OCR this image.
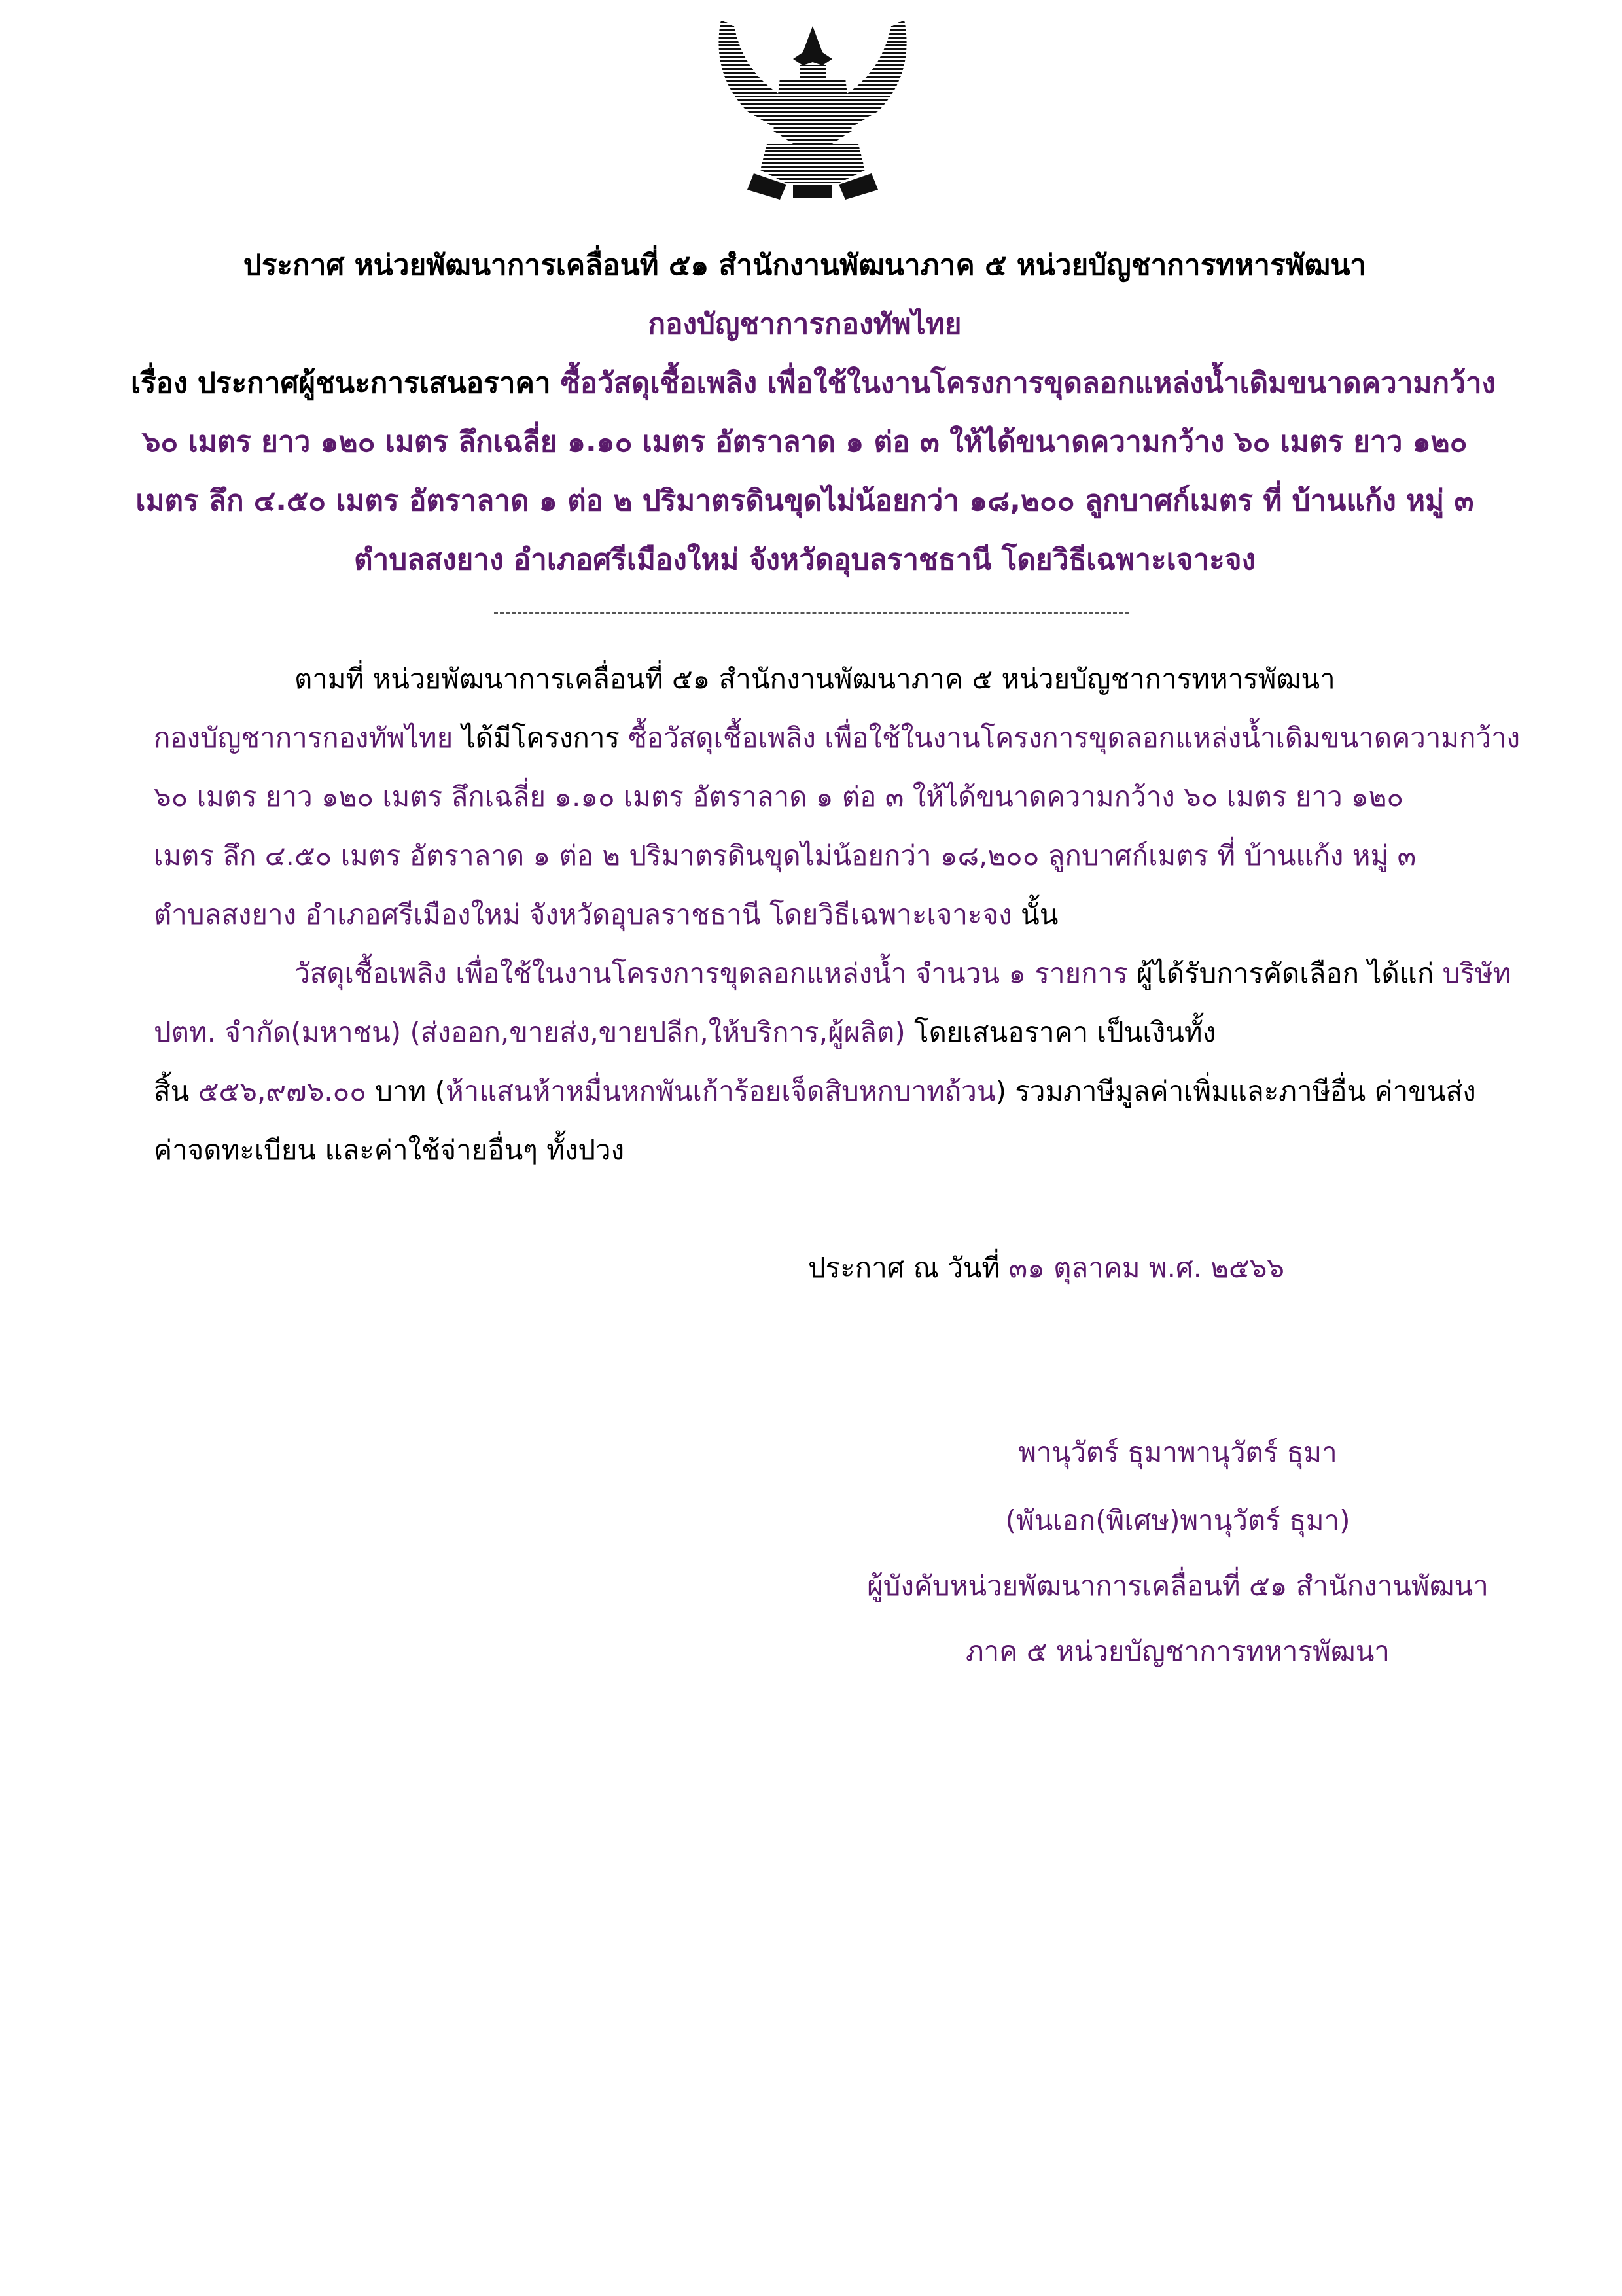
ประกาศ หน่วยพัฒนาการเคลื่อนที่ ๕๑ สำนักงานพัฒนาภาค ๕ หน่วยบัญชาการทหารพัฒนา

กองบัญชาการกองทัพไทย

เรื่อง ประกาศผู้ชนะการเสนอราคา ซื้อวัสดุเชื้อเพลิง เพื่อใช้ในงานโครงการขุดลอกแหล่งน้ำเดิมขนาดความกว้าง

๖๐ เมตร ยาว ๑๒๐ เมตร ลึกเฉลี่ย ๑.๑๐ เมตร อัตราลาด ๑ ต่อ ๓ ให้ได้ขนาดความกว้าง ๖๐ เมตร ยาว ๑๒๐

เมตร ลึก ๔.๕๐ เมตร อัตราลาด ๑ ต่อ ๒ ปริมาตรดินขุดไม่น้อยกว่า ๑๘,๒๐๐ ลูกบาศก์เมตร ที่ บ้านแก้ง หมู่ ๓

ตำบลสงยาง อำเภอศรีเมืองใหม่ จังหวัดอุบลราชธานี โดยวิธีเฉพาะเจาะจง

ตามที่ หน่วยพัฒนาการเคลื่อนที่ ๕๑ สำนักงานพัฒนาภาค ๕ หน่วยบัญชาการทหารพัฒนา

กองบัญชาการกองทัพไทย ได้มีโครงการ ซื้อวัสดุเชื้อเพลิง เพื่อใช้ในงานโครงการขุดลอกแหล่งน้ำเดิมขนาดความกว้าง

๖๐ เมตร ยาว ๑๒๐ เมตร ลึกเฉลี่ย ๑.๑๐ เมตร อัตราลาด ๑ ต่อ ๓ ให้ได้ขนาดความกว้าง ๖๐ เมตร ยาว ๑๒๐

เมตร ลึก ๔.๕๐ เมตร อัตราลาด ๑ ต่อ ๒ ปริมาตรดินขุดไม่น้อยกว่า ๑๘,๒๐๐ ลูกบาศก์เมตร ที่ บ้านแก้ง หมู่ ๓

ตำบลสงยาง อำเภอศรีเมืองใหม่ จังหวัดอุบลราชธานี โดยวิธีเฉพาะเจาะจง นั้น

วัสดุเชื้อเพลิง เพื่อใช้ในงานโครงการขุดลอกแหล่งน้ำ จำนวน ๑ รายการ ผู้ได้รับการคัดเลือก ได้แก่ บริษัท

ปตท. จำกัด(มหาชน) (ส่งออก,ขายส่ง,ขายปลีก,ให้บริการ,ผู้ผลิต) โดยเสนอราคา เป็นเงินทั้ง

สิ้น ๕๕๖,๙๗๖.๐๐ บาท (ห้าแสนห้าหมื่นหกพันเก้าร้อยเจ็ดสิบหกบาทถ้วน) รวมภาษีมูลค่าเพิ่มและภาษีอื่น ค่าขนส่ง

ค่าจดทะเบียน และค่าใช้จ่ายอื่นๆ ทั้งปวง

ประกาศ ณ วันที่ ๓๑ ตุลาคม พ.ศ. ๒๕๖๖

พานุวัตร์ ธุมาพานุวัตร์ ธุมา

(พันเอก(พิเศษ)พานุวัตร์ ธุมา)

ผู้บังคับหน่วยพัฒนาการเคลื่อนที่ ๕๑ สำนักงานพัฒนา

ภาค ๕ หน่วยบัญชาการทหารพัฒนา
